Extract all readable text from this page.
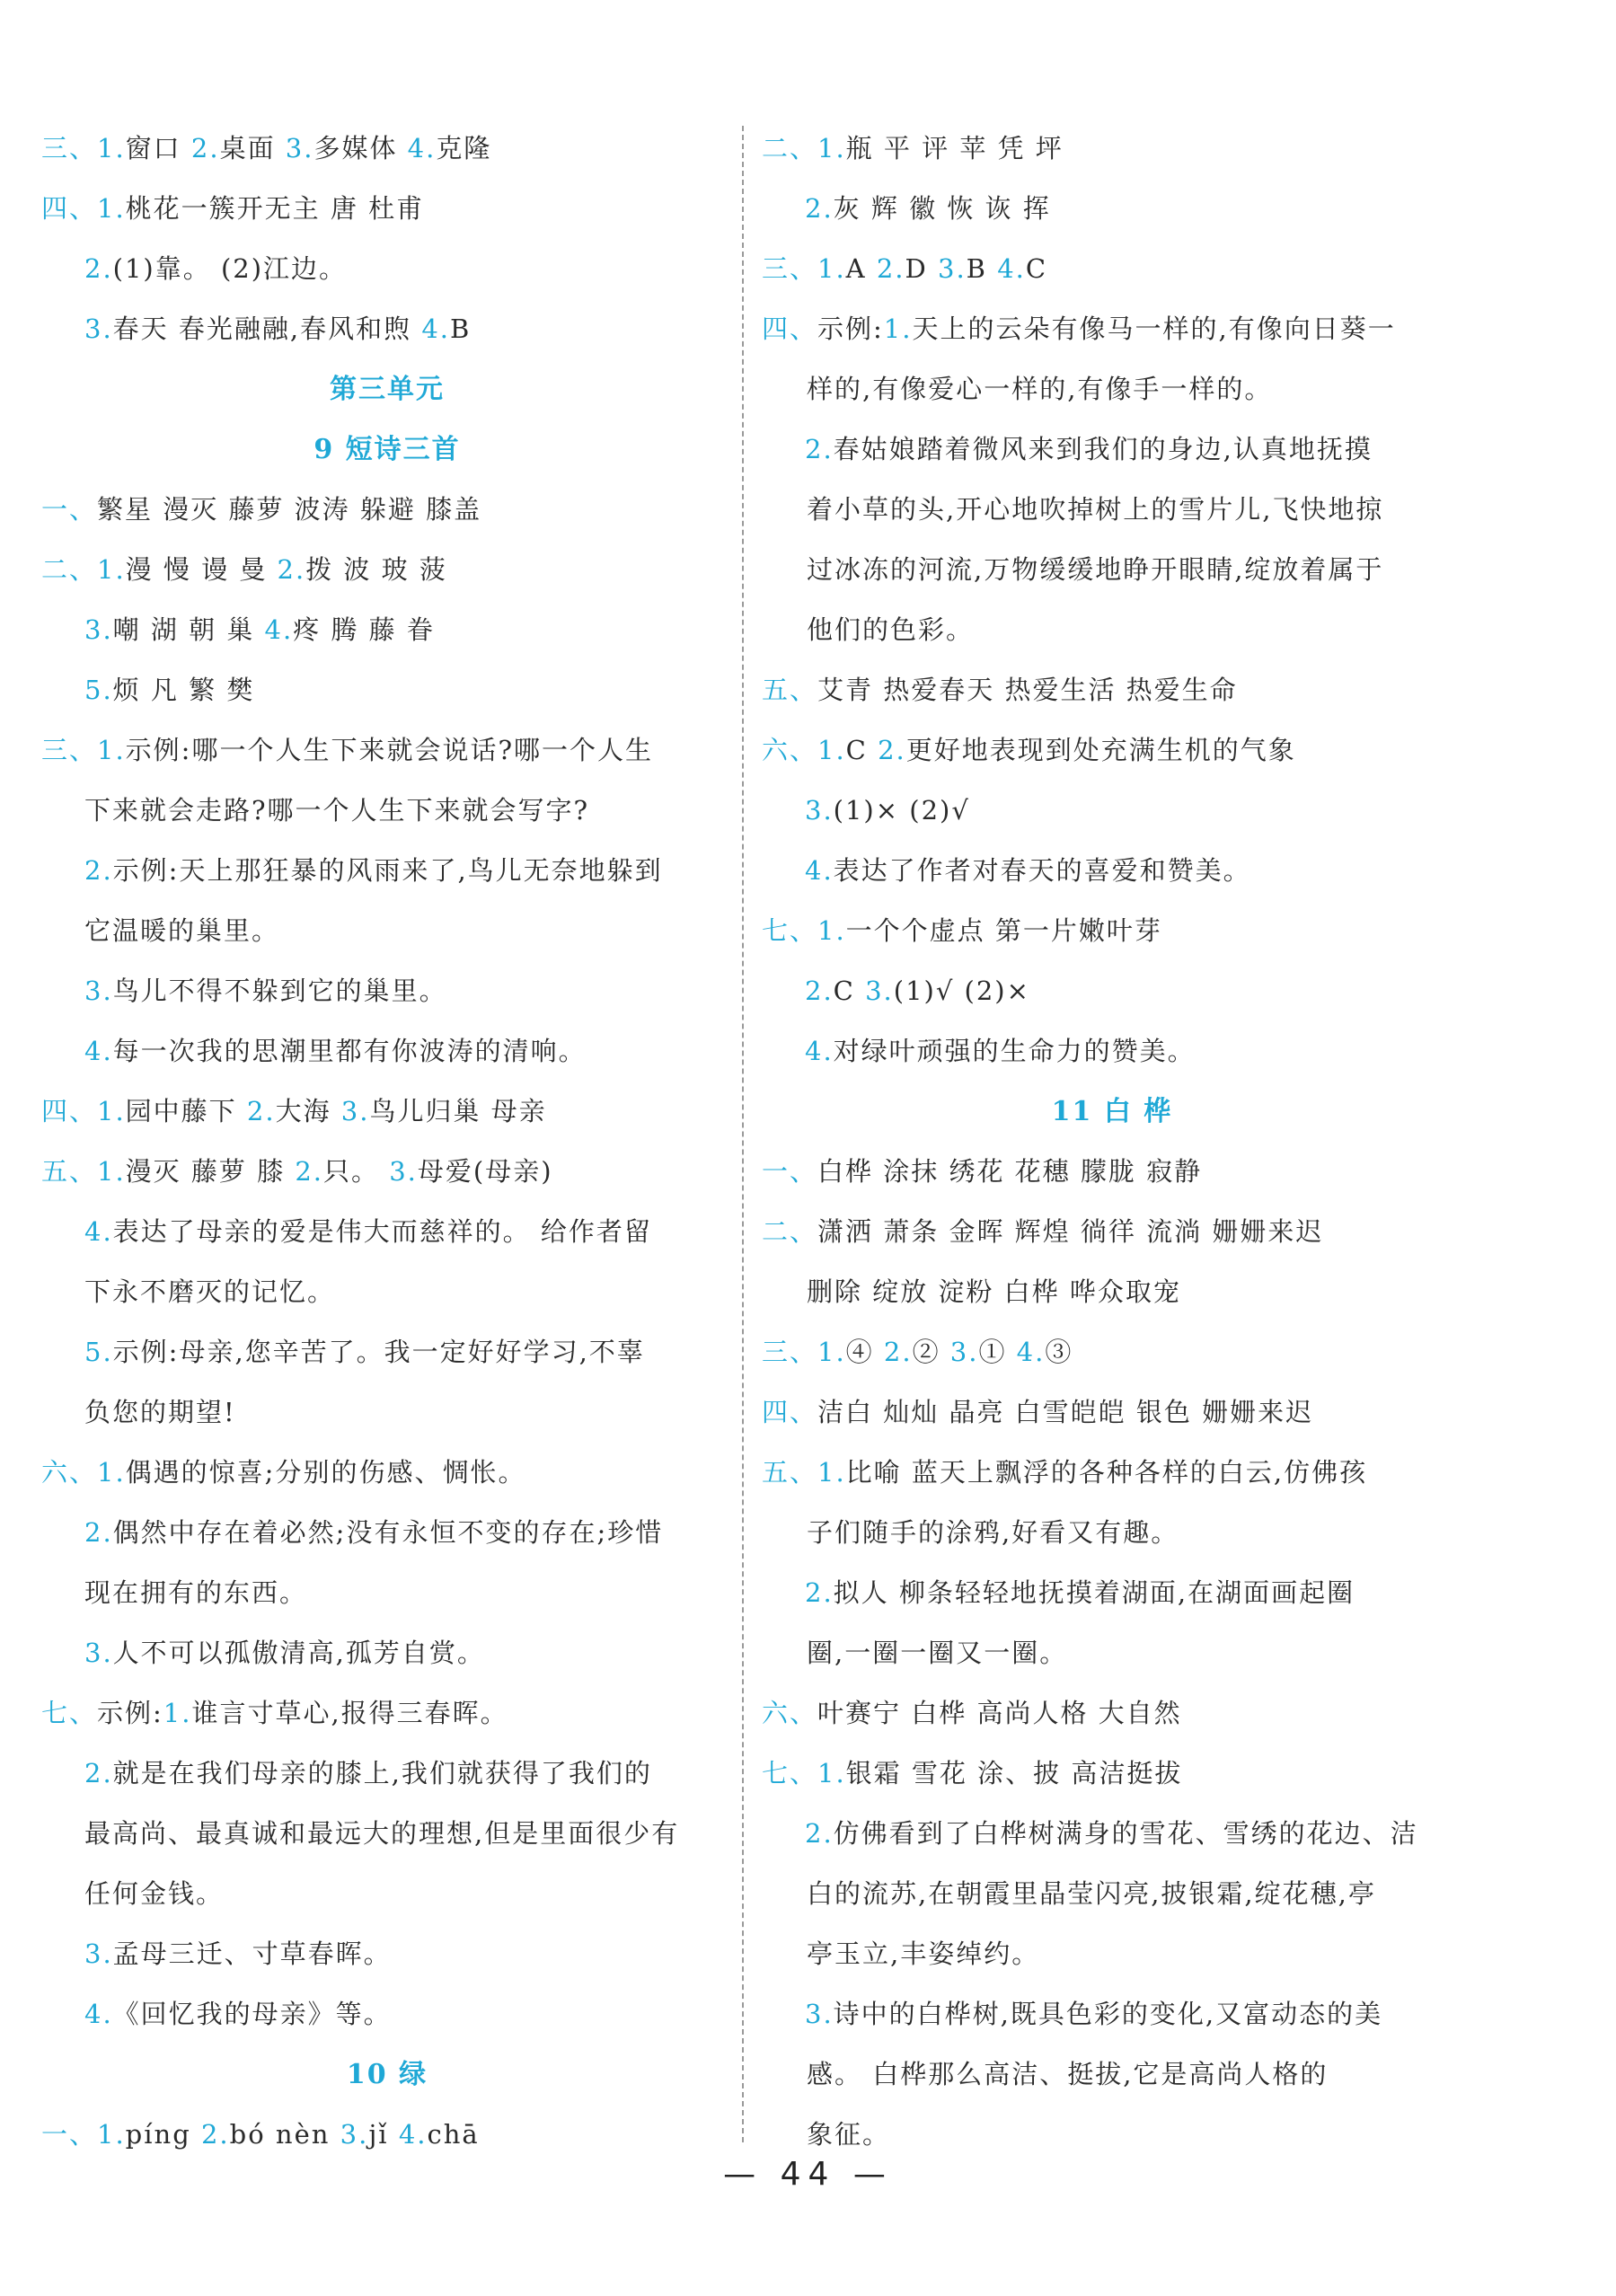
三、1.窗口 2.桌面 3.多媒体 4.克隆
四、1.桃花一簇开无主 唐 杜甫
2.(1)靠。 (2)江边。
3.春天 春光融融,春风和煦 4.B
第三单元
9 短诗三首
一、繁星 漫灭 藤萝 波涛 躲避 膝盖
二、1.漫 慢 谩 曼 2.拨 波 玻 菠
3.嘲 湖 朝 巢 4.疼 腾 藤 眷
5.烦 凡 繁 樊
三、1.示例:哪一个人生下来就会说话?哪一个人生
下来就会走路?哪一个人生下来就会写字?
2.示例:天上那狂暴的风雨来了,鸟儿无奈地躲到
它温暖的巢里。
3.鸟儿不得不躲到它的巢里。
4.每一次我的思潮里都有你波涛的清响。
四、1.园中藤下 2.大海 3.鸟儿归巢 母亲
五、1.漫灭 藤萝 膝 2.只。 3.母爱(母亲)
4.表达了母亲的爱是伟大而慈祥的。 给作者留
下永不磨灭的记忆。
5.示例:母亲,您辛苦了。我一定好好学习,不辜
负您的期望!
六、1.偶遇的惊喜;分别的伤感、惆怅。
2.偶然中存在着必然;没有永恒不变的存在;珍惜
现在拥有的东西。
3.人不可以孤傲清高,孤芳自赏。
七、示例:1.谁言寸草心,报得三春晖。
2.就是在我们母亲的膝上,我们就获得了我们的
最高尚、最真诚和最远大的理想,但是里面很少有
任何金钱。
3.孟母三迁、寸草春晖。
4.《回忆我的母亲》等。
10 绿
一、1.píng 2.bó nèn 3.jǐ 4.chā
二、1.瓶 平 评 苹 凭 坪
2.灰 辉 徽 恢 诙 挥
三、1.A 2.D 3.B 4.C
四、示例:1.天上的云朵有像马一样的,有像向日葵一
样的,有像爱心一样的,有像手一样的。
2.春姑娘踏着微风来到我们的身边,认真地抚摸
着小草的头,开心地吹掉树上的雪片儿,飞快地掠
过冰冻的河流,万物缓缓地睁开眼睛,绽放着属于
他们的色彩。
五、艾青 热爱春天 热爱生活 热爱生命
六、1.C 2.更好地表现到处充满生机的气象
3.(1)× (2)√
4.表达了作者对春天的喜爱和赞美。
七、1.一个个虚点 第一片嫩叶芽
2.C 3.(1)√ (2)×
4.对绿叶顽强的生命力的赞美。
11 白 桦
一、白桦 涂抹 绣花 花穗 朦胧 寂静
二、潇洒 萧条 金晖 辉煌 徜徉 流淌 姗姗来迟
删除 绽放 淀粉 白桦 哗众取宠
三、1.④ 2.② 3.① 4.③
四、洁白 灿灿 晶亮 白雪皑皑 银色 姗姗来迟
五、1.比喻 蓝天上飘浮的各种各样的白云,仿佛孩
子们随手的涂鸦,好看又有趣。
2.拟人 柳条轻轻地抚摸着湖面,在湖面画起圈
圈,一圈一圈又一圈。
六、叶赛宁 白桦 高尚人格 大自然
七、1.银霜 雪花 涂、披 高洁挺拔
2.仿佛看到了白桦树满身的雪花、雪绣的花边、洁
白的流苏,在朝霞里晶莹闪亮,披银霜,绽花穗,亭
亭玉立,丰姿绰约。
3.诗中的白桦树,既具色彩的变化,又富动态的美
感。 白桦那么高洁、挺拔,它是高尚人格的
象征。
— 44 —
